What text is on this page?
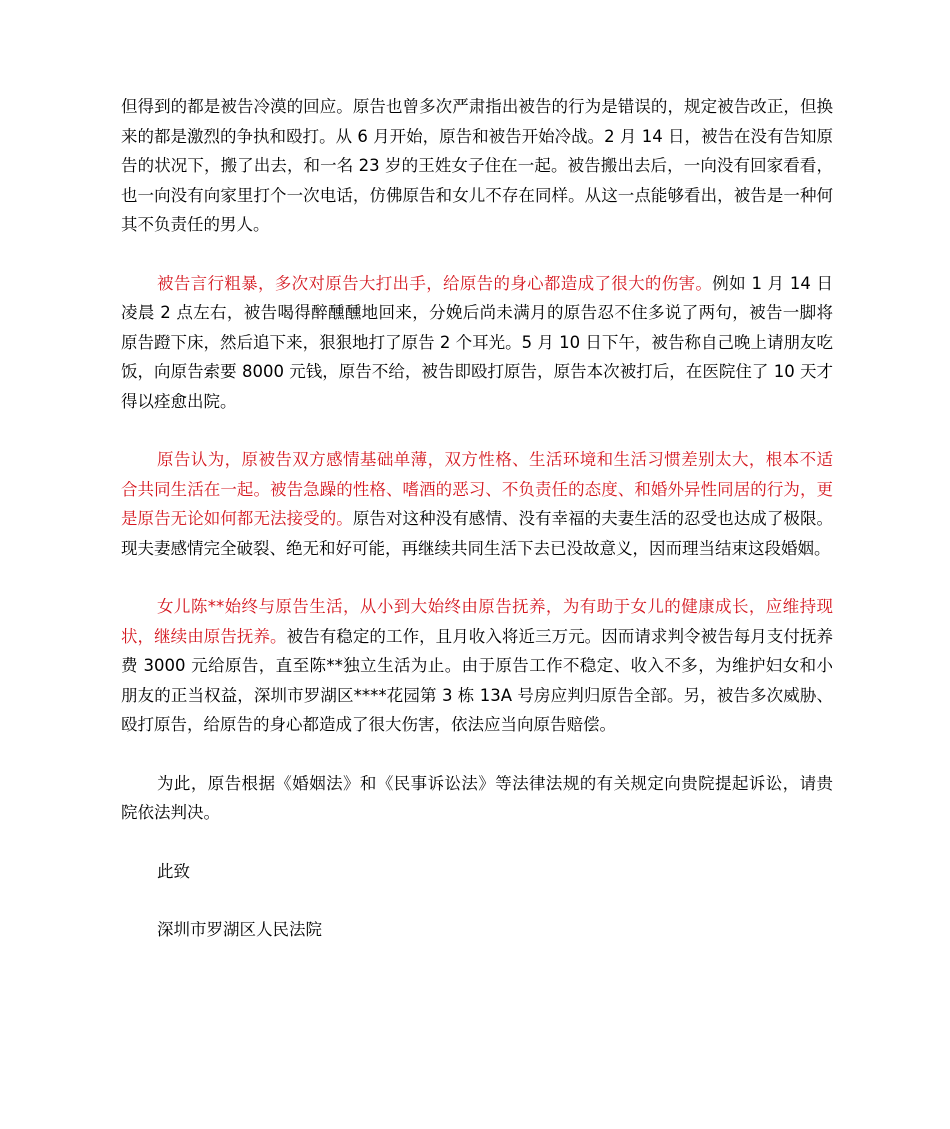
但得到的都是被告冷漠的回应。原告也曾多次严肃指出被告的行为是错误的，规定被告改正，但换来的都是激烈的争执和殴打。从 6 月开始，原告和被告开始冷战。2 月 14 日，被告在没有告知原告的状况下，搬了出去，和一名 23 岁的王姓女子住在一起。被告搬出去后，一向没有回家看看，也一向没有向家里打个一次电话，仿佛原告和女儿不存在同样。从这一点能够看出，被告是一种何其不负责任的男人。

被告言行粗暴，多次对原告大打出手，给原告的身心都造成了很大的伤害。例如 1 月 14 日凌晨 2 点左右，被告喝得醉醺醺地回来，分娩后尚未满月的原告忍不住多说了两句，被告一脚将原告蹬下床，然后追下来，狠狠地打了原告 2 个耳光。5 月 10 日下午，被告称自己晚上请朋友吃饭，向原告索要 8000 元钱，原告不给，被告即殴打原告，原告本次被打后，在医院住了 10 天才得以痊愈出院。

原告认为，原被告双方感情基础单薄，双方性格、生活环境和生活习惯差别太大，根本不适合共同生活在一起。被告急躁的性格、嗜酒的恶习、不负责任的态度、和婚外异性同居的行为，更是原告无论如何都无法接受的。原告对这种没有感情、没有幸福的夫妻生活的忍受也达成了极限。现夫妻感情完全破裂、绝无和好可能，再继续共同生活下去已没故意义，因而理当结束这段婚姻。

女儿陈**始终与原告生活，从小到大始终由原告抚养，为有助于女儿的健康成长，应维持现状，继续由原告抚养。被告有稳定的工作，且月收入将近三万元。因而请求判令被告每月支付抚养费 3000 元给原告，直至陈**独立生活为止。由于原告工作不稳定、收入不多，为维护妇女和小朋友的正当权益，深圳市罗湖区****花园第 3 栋 13A 号房应判归原告全部。另，被告多次威胁、殴打原告，给原告的身心都造成了很大伤害，依法应当向原告赔偿。

为此，原告根据《婚姻法》和《民事诉讼法》等法律法规的有关规定向贵院提起诉讼，请贵院依法判决。

此致

深圳市罗湖区人民法院
